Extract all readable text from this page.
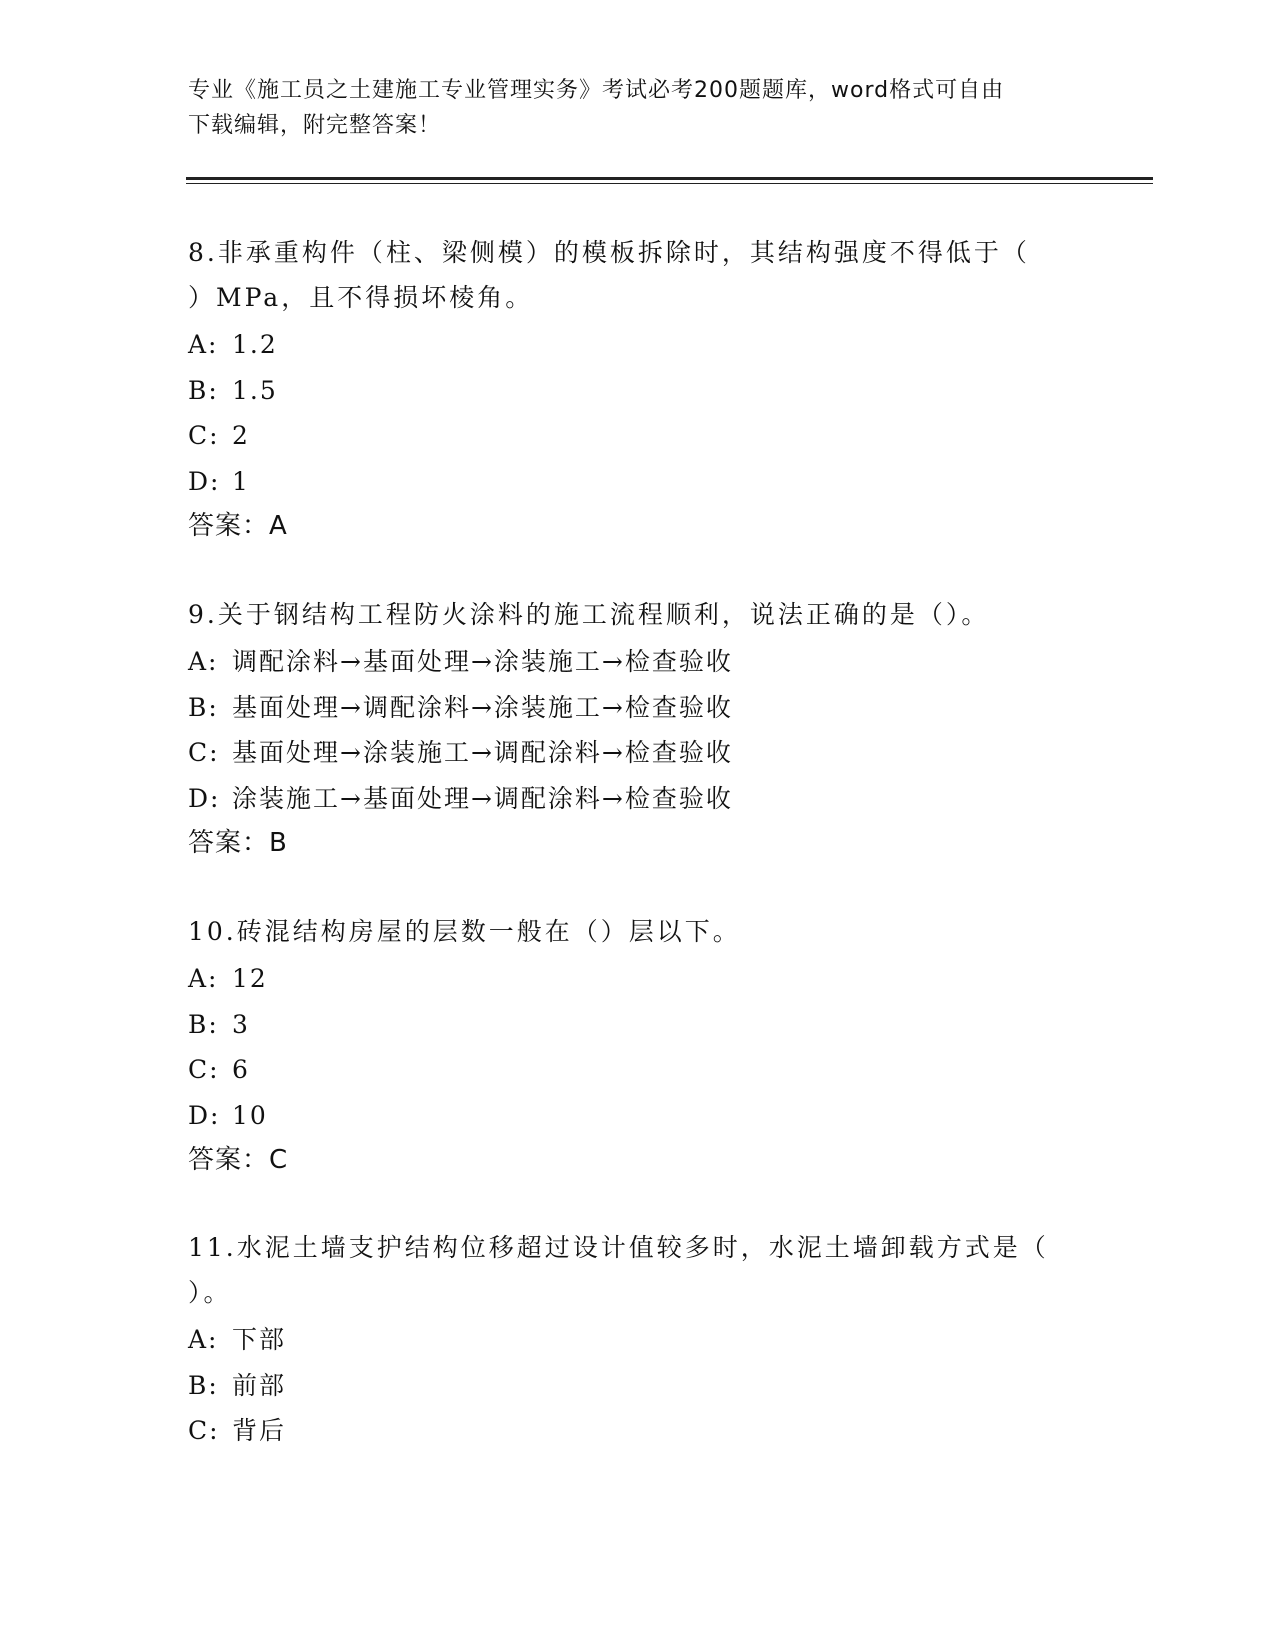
专业《施工员之土建施工专业管理实务》考试必考200题题库，word格式可自由
下载编辑，附完整答案！
8.非承重构件（柱、梁侧模）的模板拆除时，其结构强度不得低于（
）MPa，且不得损坏棱角。
A: 1.2
B: 1.5
C: 2
D: 1
答案：A
9.关于钢结构工程防火涂料的施工流程顺利，说法正确的是（）。
A: 调配涂料→基面处理→涂装施工→检查验收
B: 基面处理→调配涂料→涂装施工→检查验收
C: 基面处理→涂装施工→调配涂料→检查验收
D: 涂装施工→基面处理→调配涂料→检查验收
答案：B
10.砖混结构房屋的层数一般在（）层以下。
A: 12
B: 3
C: 6
D: 10
答案：C
11.水泥土墙支护结构位移超过设计值较多时，水泥土墙卸载方式是（
）。
A: 下部
B: 前部
C: 背后
